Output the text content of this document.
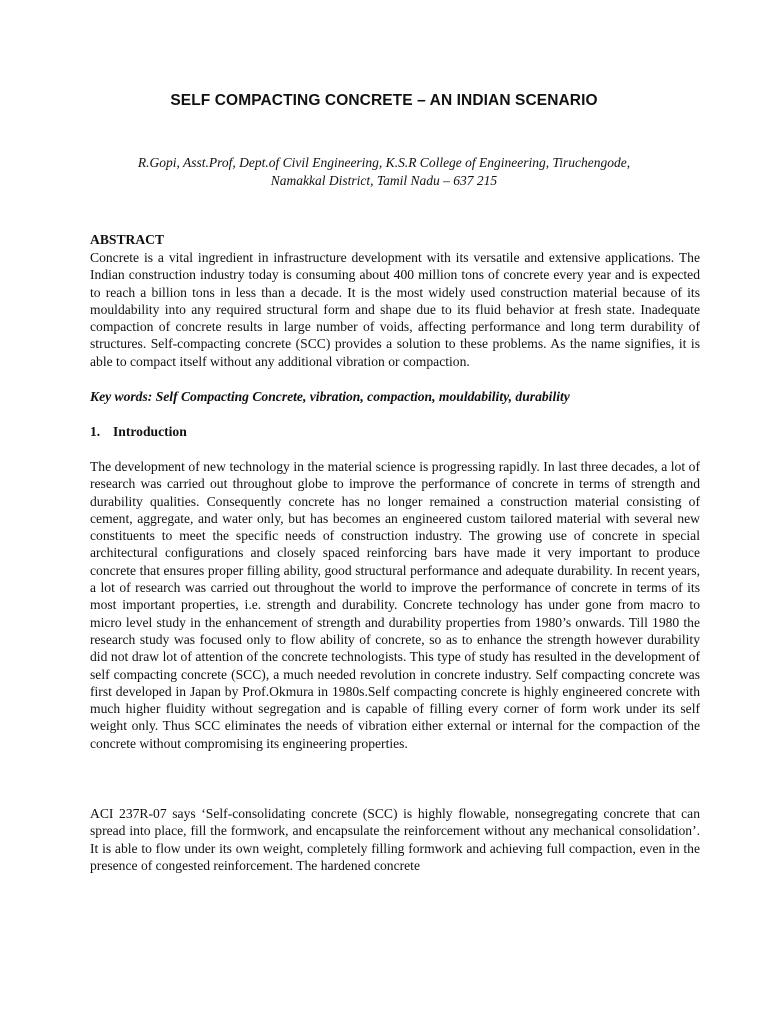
SELF COMPACTING CONCRETE – AN INDIAN SCENARIO

R.Gopi, Asst.Prof, Dept.of Civil Engineering, K.S.R College of Engineering, Tiruchengode,
Namakkal District, Tamil Nadu – 637 215

ABSTRACT

Concrete is a vital ingredient in infrastructure development with its versatile and extensive applications. The Indian construction industry today is consuming about 400 million tons of concrete every year and is expected to reach a billion tons in less than a decade. It is the most widely used construction material because of its mouldability into any required structural form and shape due to its fluid behavior at fresh state. Inadequate compaction of concrete results in large number of voids, affecting performance and long term durability of structures. Self-compacting concrete (SCC) provides a solution to these problems. As the name signifies, it is able to compact itself without any additional vibration or compaction.

Key words: Self Compacting Concrete, vibration, compaction, mouldability, durability

1. Introduction

The development of new technology in the material science is progressing rapidly. In last three decades, a lot of research was carried out throughout globe to improve the performance of concrete in terms of strength and durability qualities. Consequently concrete has no longer remained a construction material consisting of cement, aggregate, and water only, but has becomes an engineered custom tailored material with several new constituents to meet the specific needs of construction industry. The growing use of concrete in special architectural configurations and closely spaced reinforcing bars have made it very important to produce concrete that ensures proper filling ability, good structural performance and adequate durability. In recent years, a lot of research was carried out throughout the world to improve the performance of concrete in terms of its most important properties, i.e. strength and durability. Concrete technology has under gone from macro to micro level study in the enhancement of strength and durability properties from 1980’s onwards. Till 1980 the research study was focused only to flow ability of concrete, so as to enhance the strength however durability did not draw lot of attention of the concrete technologists. This type of study has resulted in the development of self compacting concrete (SCC), a much needed revolution in concrete industry. Self compacting concrete was first developed in Japan by Prof.Okmura in 1980s.Self compacting concrete is highly engineered concrete with much higher fluidity without segregation and is capable of filling every corner of form work under its self weight only. Thus SCC eliminates the needs of vibration either external or internal for the compaction of the concrete without compromising its engineering properties.

ACI 237R-07 says ‘Self-consolidating concrete (SCC) is highly flowable, nonsegregating concrete that can spread into place, fill the formwork, and encapsulate the reinforcement without any mechanical consolidation’. It is able to flow under its own weight, completely filling formwork and achieving full compaction, even in the presence of congested reinforcement. The hardened concrete
